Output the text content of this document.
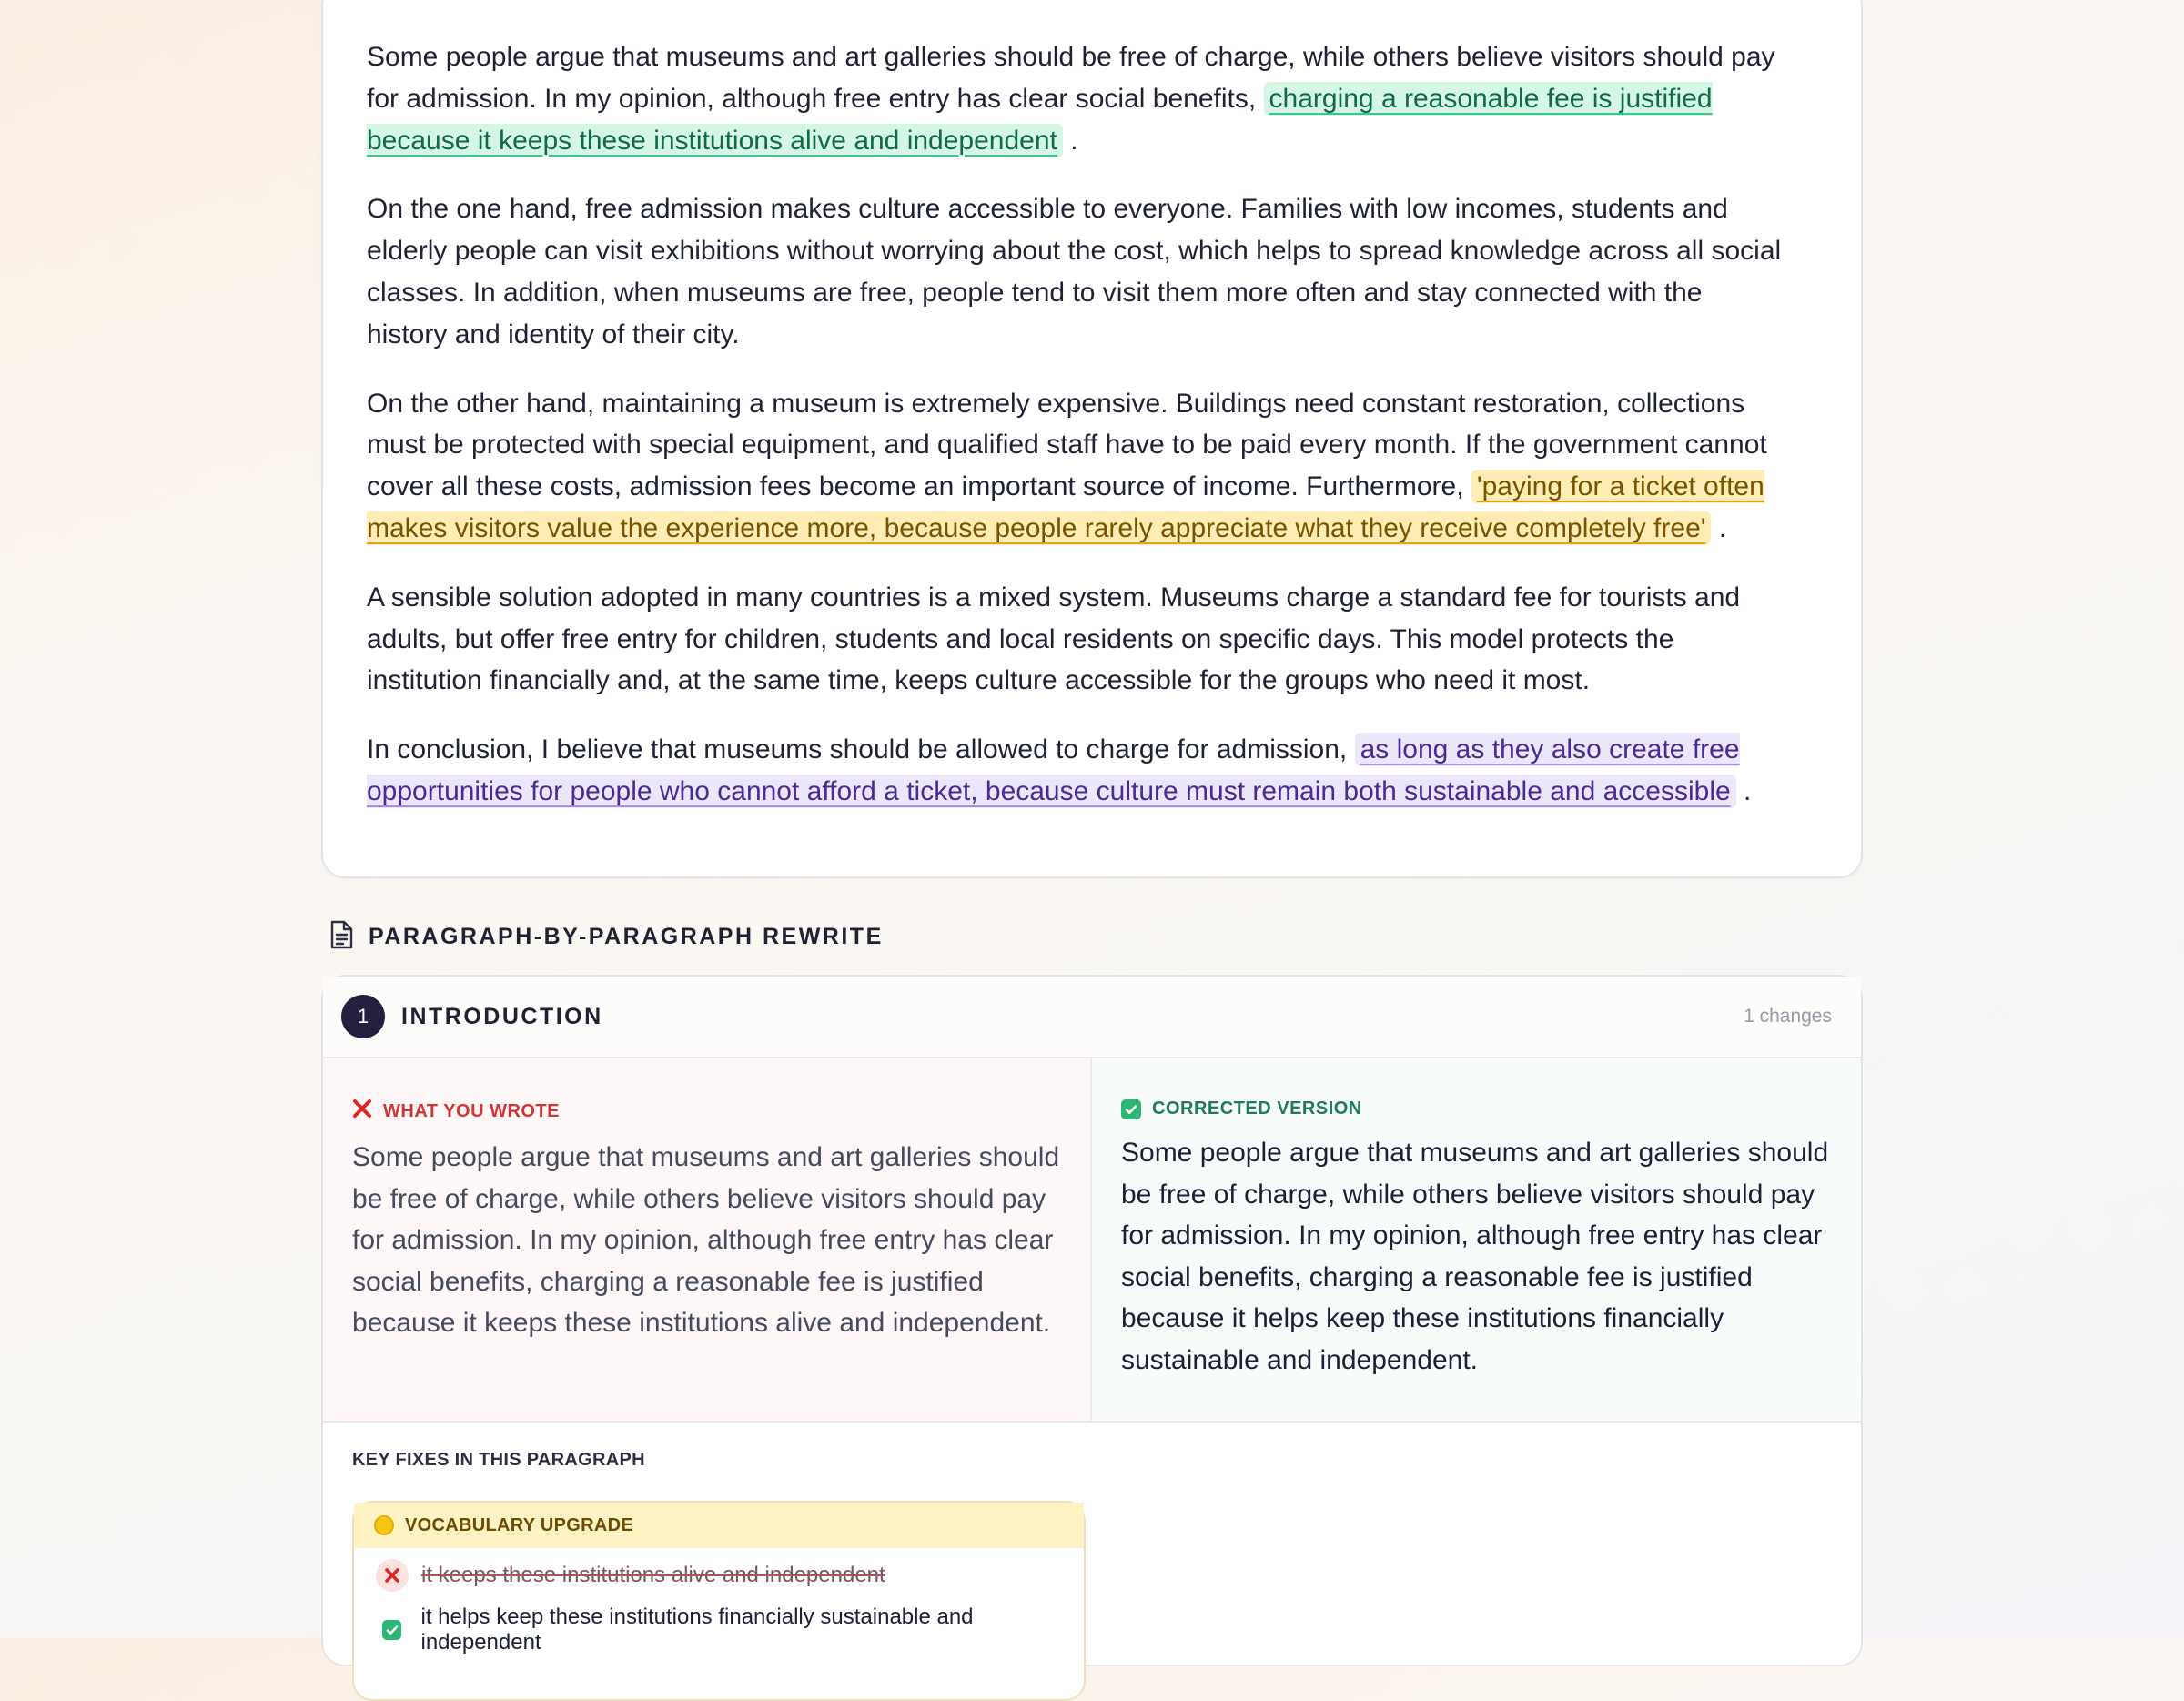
Some people argue that museums and art galleries should be free of charge, while others believe visitors should pay for admission. In my opinion, although free entry has clear social benefits, charging a reasonable fee is justified because it keeps these institutions alive and independent .

On the one hand, free admission makes culture accessible to everyone. Families with low incomes, students and elderly people can visit exhibitions without worrying about the cost, which helps to spread knowledge across all social classes. In addition, when museums are free, people tend to visit them more often and stay connected with the history and identity of their city.

On the other hand, maintaining a museum is extremely expensive. Buildings need constant restoration, collections must be protected with special equipment, and qualified staff have to be paid every month. If the government cannot cover all these costs, admission fees become an important source of income. Furthermore, 'paying for a ticket often makes visitors value the experience more, because people rarely appreciate what they receive completely free' .

A sensible solution adopted in many countries is a mixed system. Museums charge a standard fee for tourists and adults, but offer free entry for children, students and local residents on specific days. This model protects the institution financially and, at the same time, keeps culture accessible for the groups who need it most.

In conclusion, I believe that museums should be allowed to charge for admission, as long as they also create free opportunities for people who cannot afford a ticket, because culture must remain both sustainable and accessible .

PARAGRAPH-BY-PARAGRAPH REWRITE
1	INTRODUCTION	1 changes
WHAT YOU WROTE

Some people argue that museums and art galleries should be free of charge, while others believe visitors should pay for admission. In my opinion, although free entry has clear social benefits, charging a reasonable fee is justified because it keeps these institutions alive and independent.

CORRECTED VERSION

Some people argue that museums and art galleries should be free of charge, while others believe visitors should pay for admission. In my opinion, although free entry has clear social benefits, charging a reasonable fee is justified because it helps keep these institutions financially sustainable and independent.

KEY FIXES IN THIS PARAGRAPH
VOCABULARY UPGRADE
it keeps these institutions alive and independent
it helps keep these institutions financially sustainable and independent
